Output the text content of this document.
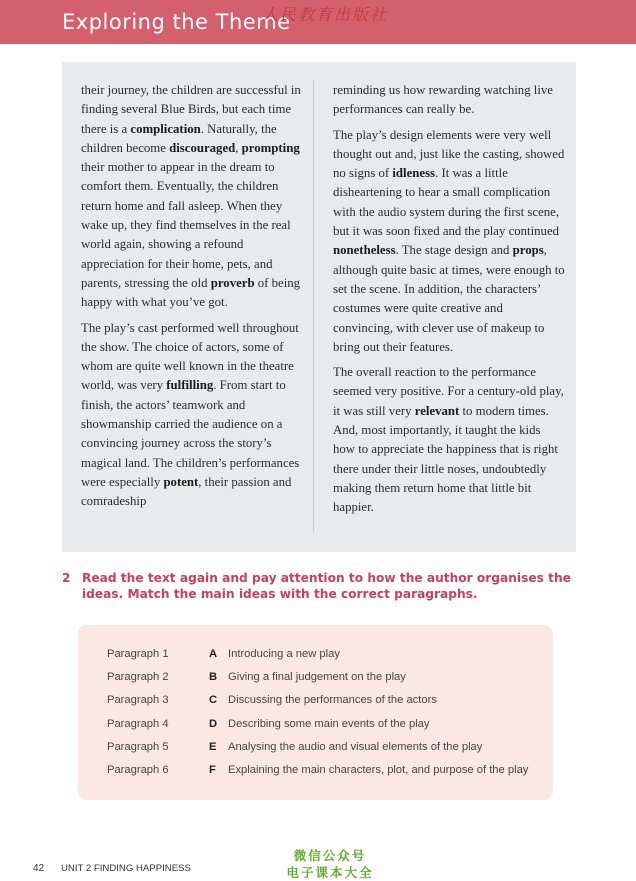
Exploring the Theme
人民教育出版社

their journey, the children are successful in finding several Blue Birds, but each time there is a complication. Naturally, the children become discouraged, prompting their mother to appear in the dream to comfort them. Eventually, the children return home and fall asleep. When they wake up, they find themselves in the real world again, showing a refound appreciation for their home, pets, and parents, stressing the old proverb of being happy with what you’ve got.

The play’s cast performed well throughout the show. The choice of actors, some of whom are quite well known in the theatre world, was very fulfilling. From start to finish, the actors’ teamwork and showmanship carried the audience on a convincing journey across the story’s magical land. The children’s performances were especially potent, their passion and comradeship

reminding us how rewarding watching live performances can really be.

The play’s design elements were very well thought out and, just like the casting, showed no signs of idleness. It was a little disheartening to hear a small complication with the audio system during the first scene, but it was soon fixed and the play continued nonetheless. The stage design and props, although quite basic at times, were enough to set the scene. In addition, the characters’ costumes were quite creative and convincing, with clever use of makeup to bring out their features.

The overall reaction to the performance seemed very positive. For a century-old play, it was still very relevant to modern times. And, most importantly, it taught the kids how to appreciate the happiness that is right there under their little noses, undoubtedly making them return home that little bit happier.

2 Read the text again and pay attention to how the author organises the ideas. Match the main ideas with the correct paragraphs.
Paragraph 1	A Introducing a new play
Paragraph 2	B Giving a final judgement on the play
Paragraph 3	C Discussing the performances of the actors
Paragraph 4	D Describing some main events of the play
Paragraph 5	E Analysing the audio and visual elements of the play
Paragraph 6	F Explaining the main characters, plot, and purpose of the play
42 UNIT 2 FINDING HAPPINESS
微信公众号
电子课本大全
